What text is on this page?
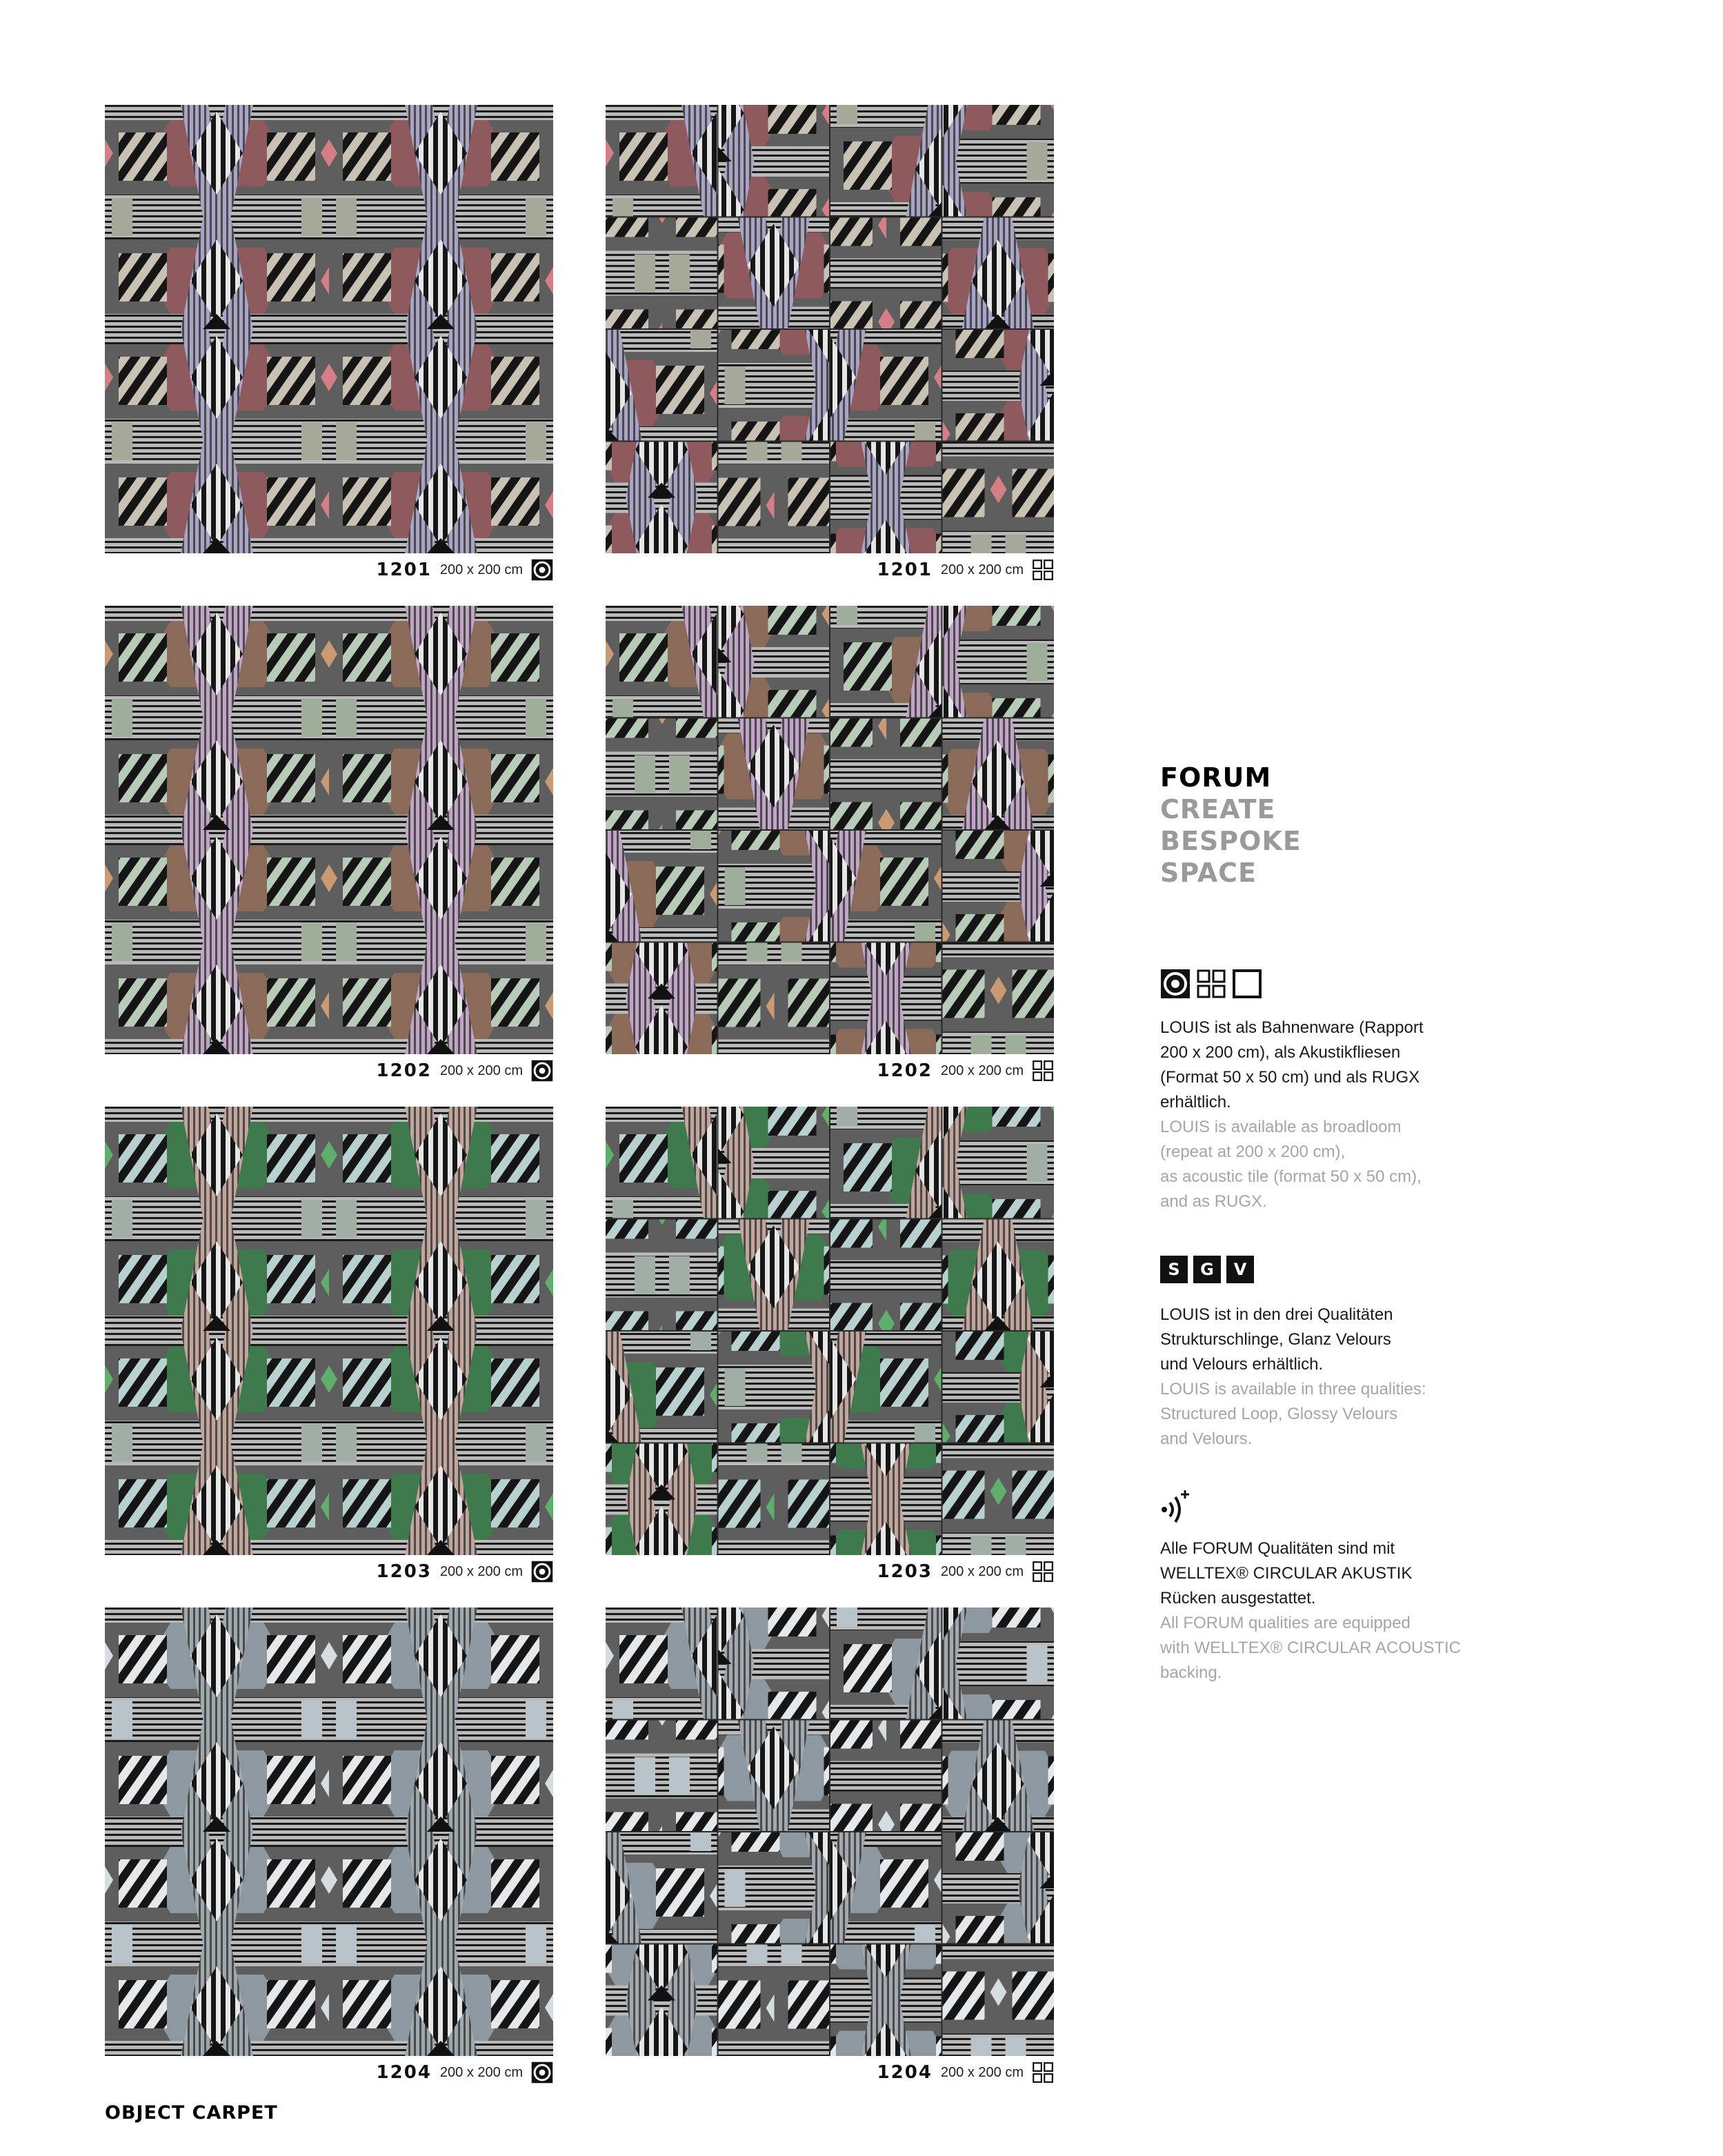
1201 200 x 200 cm	1201 200 x 200 cm
1202 200 x 200 cm	1202 200 x 200 cm
1203 200 x 200 cm	1203 200 x 200 cm
1204 200 x 200 cm	1204 200 x 200 cm
FORUM
CREATE
BESPOKE
SPACE
LOUIS ist als Bahnenware (Rapport
200 x 200 cm), als Akustikfliesen
(Format 50 x 50 cm) und als RUGX
erhältlich.
LOUIS is available as broadloom
(repeat at 200 x 200 cm),
as acoustic tile (format 50 x 50 cm),
and as RUGX.
S	G	V
LOUIS ist in den drei Qualitäten
Strukturschlinge, Glanz Velours
und Velours erhältlich.
LOUIS is available in three qualities:
Structured Loop, Glossy Velours
and Velours.
Alle FORUM Qualitäten sind mit
WELLTEX® CIRCULAR AKUSTIK
Rücken ausgestattet.
All FORUM qualities are equipped
with WELLTEX® CIRCULAR ACOUSTIC
backing.
OBJECT CARPET
